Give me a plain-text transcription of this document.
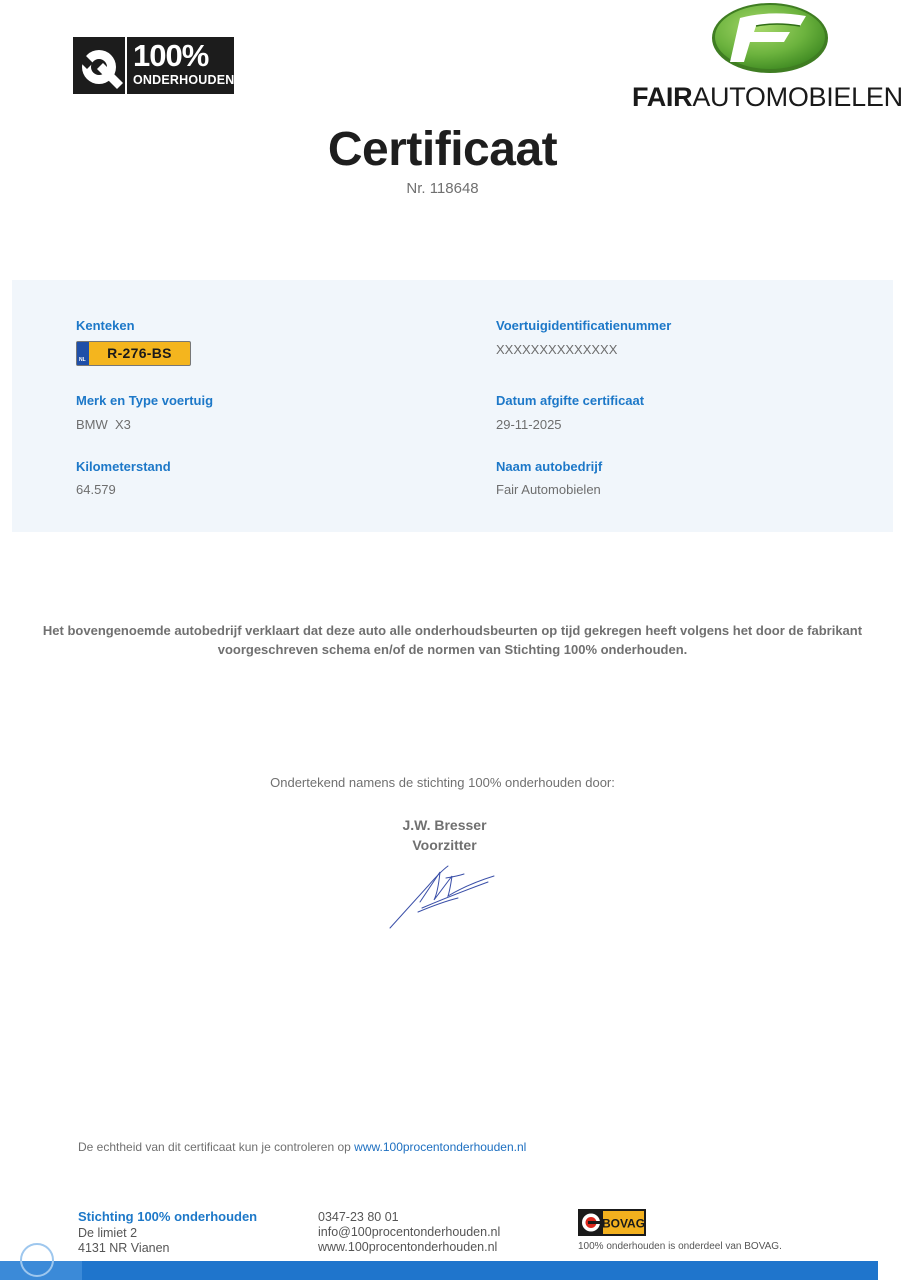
100%
ONDERHOUDEN
FAIRAUTOMOBIELEN
Certificaat
Nr. 118648
Kenteken
NL	R-276-BS
Voertuigidentificatienummer
XXXXXXXXXXXXXX
Merk en Type voertuig
BMW  X3
Datum afgifte certificaat
29-11-2025
Kilometerstand
64.579
Naam autobedrijf
Fair Automobielen
Het bovengenoemde autobedrijf verklaart dat deze auto alle onderhoudsbeurten op tijd gekregen heeft volgens het door de fabrikant
voorgeschreven schema en/of de normen van Stichting 100% onderhouden.
Ondertekend namens de stichting 100% onderhouden door:
J.W. Bresser
Voorzitter
De echtheid van dit certificaat kun je controleren op www.100procentonderhouden.nl
Stichting 100% onderhouden
De limiet 2
4131 NR Vianen
0347-23 80 01
info@100procentonderhouden.nl
www.100procentonderhouden.nl
BOVAG
100% onderhouden is onderdeel van BOVAG.
